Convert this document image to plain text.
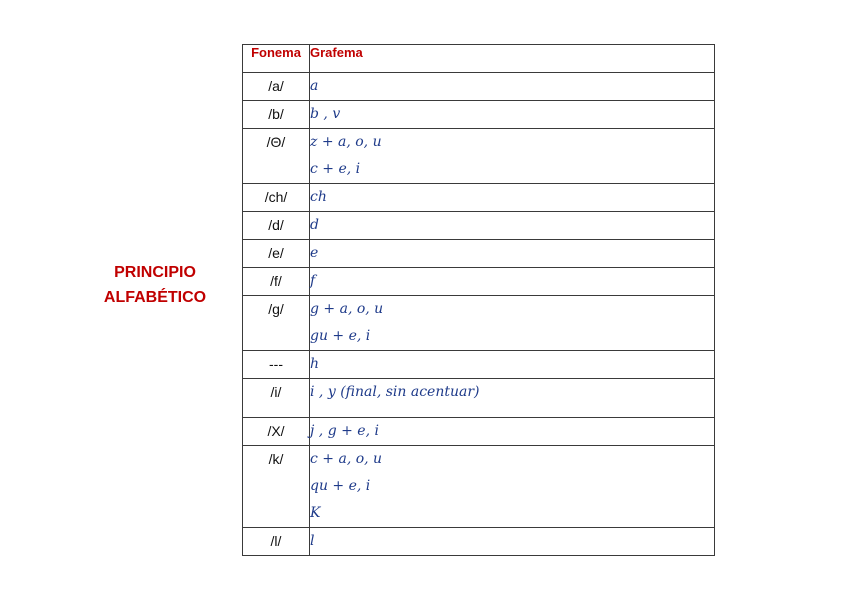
PRINCIPIO
ALFABÉTICO
Fonema	Grafema
/a/	a

/b/	b , v

/Θ/	z + a, o, u
c + e, i

/ch/	ch

/d/	d

/e/	e

/f/	f

/g/	g + a, o, u
gu + e, i

---	h

/i/	i , y (final, sin acentuar)

/X/	j , g + e, i

/k/	c + a, o, u
qu + e, i
K

/l/	l
